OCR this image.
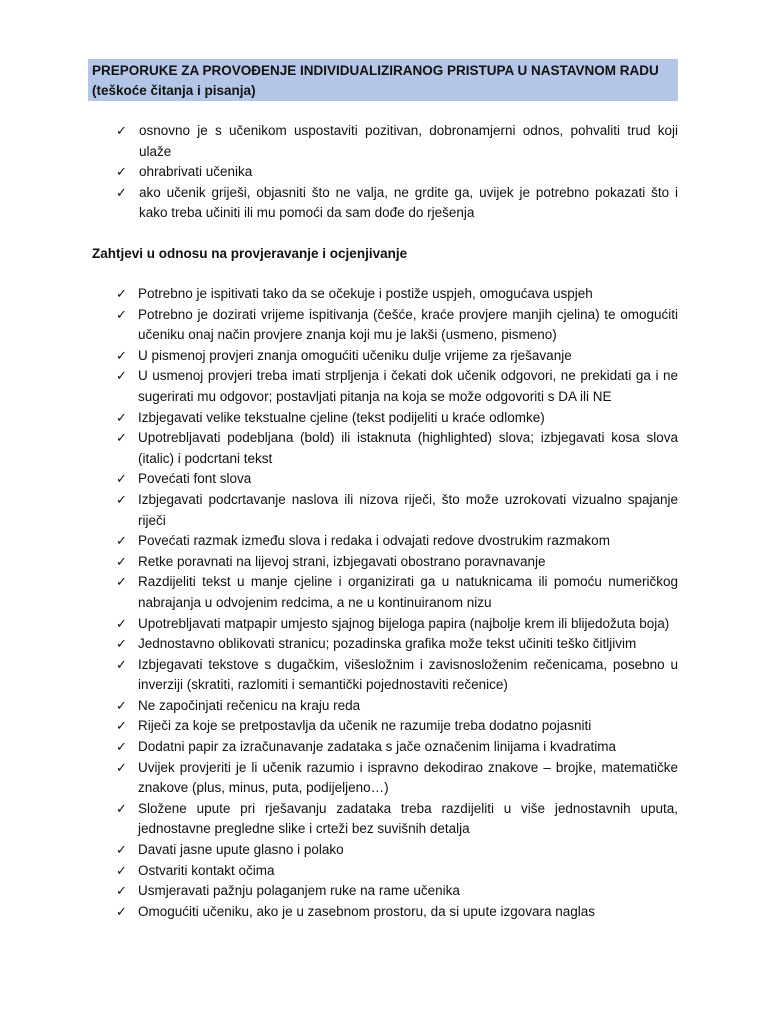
PREPORUKE ZA PROVOĐENJE INDIVIDUALIZIRANOG PRISTUPA U NASTAVNOM RADU
(teškoće čitanja i pisanja)
✓ osnovno je s učenikom uspostaviti pozitivan, dobronamjerni odnos, pohvaliti trud koji ulaže
✓ ohrabrivati učenika
✓ ako učenik griješi, objasniti što ne valja, ne grdite ga, uvijek je potrebno pokazati što i kako treba učiniti ili mu pomoći da sam dođe do rješenja
Zahtjevi u odnosu na provjeravanje i ocjenjivanje
✓ Potrebno je ispitivati tako da se očekuje i postiže uspjeh, omogućava uspjeh
✓ Potrebno je dozirati vrijeme ispitivanja (češće, kraće provjere manjih cjelina) te omogućiti učeniku onaj način provjere znanja koji mu je lakši (usmeno, pismeno)
✓ U pismenoj provjeri znanja omogućiti učeniku dulje vrijeme za rješavanje
✓ U usmenoj provjeri treba imati strpljenja i čekati dok učenik odgovori, ne prekidati ga i ne sugerirati mu odgovor; postavljati pitanja na koja se može odgovoriti s DA ili NE
✓ Izbjegavati velike tekstualne cjeline (tekst podijeliti u kraće odlomke)
✓ Upotrebljavati podebljana (bold) ili istaknuta (highlighted) slova; izbjegavati kosa slova (italic) i podcrtani tekst
✓ Povećati font slova
✓ Izbjegavati podcrtavanje naslova ili nizova riječi, što može uzrokovati vizualno spajanje riječi
✓ Povećati razmak između slova i redaka i odvajati redove dvostrukim razmakom
✓ Retke poravnati na lijevoj strani, izbjegavati obostrano poravnavanje
✓ Razdijeliti tekst u manje cjeline i organizirati ga u natuknicama ili pomoću numeričkog nabrajanja u odvojenim redcima, a ne u kontinuiranom nizu
✓ Upotrebljavati matpapir umjesto sjajnog bijeloga papira (najbolje krem ili blijedožuta boja)
✓ Jednostavno oblikovati stranicu; pozadinska grafika može tekst učiniti teško čitljivim
✓ Izbjegavati tekstove s dugačkim, višesložnim i zavisnosloženim rečenicama, posebno u inverziji (skratiti, razlomiti i semantički pojednostaviti rečenice)
✓ Ne započinjati rečenicu na kraju reda
✓ Riječi za koje se pretpostavlja da učenik ne razumije treba dodatno pojasniti
✓ Dodatni papir za izračunavanje zadataka s jače označenim linijama i kvadratima
✓ Uvijek provjeriti je li učenik razumio i ispravno dekodirao znakove – brojke, matematičke znakove (plus, minus, puta, podijeljeno…)
✓ Složene upute pri rješavanju zadataka treba razdijeliti u više jednostavnih uputa, jednostavne pregledne slike i crteži bez suvišnih detalja
✓ Davati jasne upute glasno i polako
✓ Ostvariti kontakt očima
✓ Usmjeravati pažnju polaganjem ruke na rame učenika
✓ Omogućiti učeniku, ako je u zasebnom prostoru, da si upute izgovara naglas
